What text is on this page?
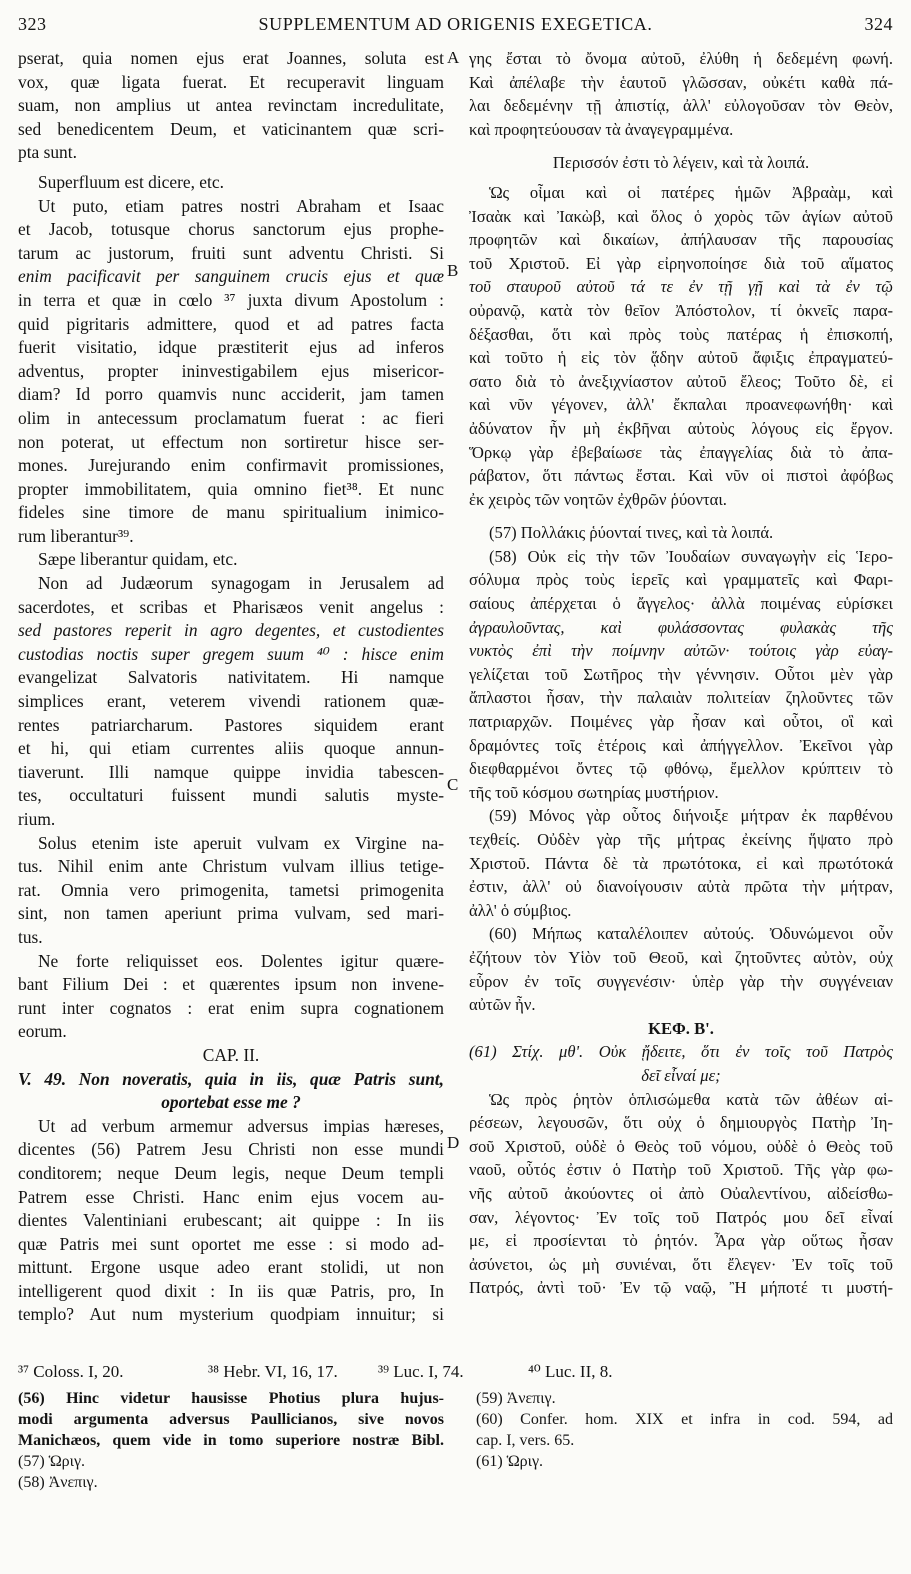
323	SUPPLEMENTUM AD ORIGENIS EXEGETICA.	324
A
B
C
D
pserat, quia nomen ejus erat Joannes, soluta est
vox, quæ ligata fuerat. Et recuperavit linguam
suam, non amplius ut antea revinctam incredulitate,
sed benedicentem Deum, et vaticinantem quæ scri-
pta sunt.
Superfluum est dicere, etc.
Ut puto, etiam patres nostri Abraham et Isaac
et Jacob, totusque chorus sanctorum ejus prophe-
tarum ac justorum, fruiti sunt adventu Christi. Si
enim pacificavit per sanguinem crucis ejus et quæ
in terra et quæ in cœlo ³⁷ juxta divum Apostolum :
quid pigritaris admittere, quod et ad patres facta
fuerit visitatio, idque præstiterit ejus ad inferos
adventus, propter ininvestigabilem ejus misericor-
diam? Id porro quamvis nunc acciderit, jam tamen
olim in antecessum proclamatum fuerat : ac fieri
non poterat, ut effectum non sortiretur hisce ser-
mones. Jurejurando enim confirmavit promissiones,
propter immobilitatem, quia omnino fiet³⁸. Et nunc
fideles sine timore de manu spiritualium inimico-
rum liberantur³⁹.
Sæpe liberantur quidam, etc.
Non ad Judæorum synagogam in Jerusalem ad
sacerdotes, et scribas et Pharisæos venit angelus :
sed pastores reperit in agro degentes, et custodientes
custodias noctis super gregem suum ⁴⁰ : hisce enim
evangelizat Salvatoris nativitatem. Hi namque
simplices erant, veterem vivendi rationem quæ-
rentes patriarcharum. Pastores siquidem erant
et hi, qui etiam currentes aliis quoque annun-
tiaverunt. Illi namque quippe invidia tabescen-
tes, occultaturi fuissent mundi salutis myste-
rium.
Solus etenim iste aperuit vulvam ex Virgine na-
tus. Nihil enim ante Christum vulvam illius tetige-
rat. Omnia vero primogenita, tametsi primogenita
sint, non tamen aperiunt prima vulvam, sed mari-
tus.
Ne forte reliquisset eos. Dolentes igitur quære-
bant Filium Dei : et quærentes ipsum non invene-
runt inter cognatos : erat enim supra cognationem
eorum.
CAP. II.
V. 49. Non noveratis, quia in iis, quæ Patris sunt,
oportebat esse me ?
Ut ad verbum armemur adversus impias hæreses,
dicentes (56) Patrem Jesu Christi non esse mundi
conditorem; neque Deum legis, neque Deum templi
Patrem esse Christi. Hanc enim ejus vocem au-
dientes Valentiniani erubescant; ait quippe : In iis
quæ Patris mei sunt oportet me esse : si modo ad-
mittunt. Ergone usque adeo erant stolidi, ut non
intelligerent quod dixit : In iis quæ Patris, pro, In
templo? Aut num mysterium quodpiam innuitur; si
γης ἔσται τὸ ὄνομα αὐτοῦ, ἐλύθη ἡ δεδεμένη φωνή.
Καὶ ἀπέλαβε τὴν ἑαυτοῦ γλῶσσαν, οὐκέτι καθὰ πά-
λαι δεδεμένην τῇ ἀπιστίᾳ, ἀλλ' εὐλογοῦσαν τὸν Θεὸν,
καὶ προφητεύουσαν τὰ ἀναγεγραμμένα.
Περισσόν ἐστι τὸ λέγειν, καὶ τὰ λοιπά.
Ὡς οἶμαι καὶ οἱ πατέρες ἡμῶν Ἀβραὰμ, καὶ
Ἰσαὰκ καὶ Ἰακὼβ, καὶ ὅλος ὁ χορὸς τῶν ἁγίων αὐτοῦ
προφητῶν καὶ δικαίων, ἀπήλαυσαν τῆς παρουσίας
τοῦ Χριστοῦ. Εἰ γὰρ εἰρηνοποίησε διὰ τοῦ αἵματος
τοῦ σταυροῦ αὐτοῦ τά τε ἐν τῇ γῇ καὶ τὰ ἐν τῷ
οὐρανῷ, κατὰ τὸν θεῖον Ἀπόστολον, τί ὀκνεῖς παρα-
δέξασθαι, ὅτι καὶ πρὸς τοὺς πατέρας ἡ ἐπισκοπή,
καὶ τοῦτο ἡ εἰς τὸν ᾅδην αὐτοῦ ἄφιξις ἐπραγματεύ-
σατο διὰ τὸ ἀνεξιχνίαστον αὐτοῦ ἔλεος; Τοῦτο δὲ, εἰ
καὶ νῦν γέγονεν, ἀλλ' ἔκπαλαι προανεφωνήθη· καὶ
ἀδύνατον ἦν μὴ ἐκβῆναι αὐτοὺς λόγους εἰς ἔργον.
Ὅρκῳ γὰρ ἐβεβαίωσε τὰς ἐπαγγελίας διὰ τὸ ἀπα-
ράβατον, ὅτι πάντως ἔσται. Καὶ νῦν οἱ πιστοὶ ἀφόβως
ἐκ χειρὸς τῶν νοητῶν ἐχθρῶν ῥύονται.
(57) Πολλάκις ῥύονταί τινες, καὶ τὰ λοιπά.
(58) Οὐκ εἰς τὴν τῶν Ἰουδαίων συναγωγὴν εἰς Ἱερο-
σόλυμα πρὸς τοὺς ἱερεῖς καὶ γραμματεῖς καὶ Φαρι-
σαίους ἀπέρχεται ὁ ἄγγελος· ἀλλὰ ποιμένας εὑρίσκει
ἀγραυλοῦντας, καὶ φυλάσσοντας φυλακὰς τῆς
νυκτὸς ἐπὶ τὴν ποίμνην αὐτῶν· τούτοις γὰρ εὐαγ-
γελίζεται τοῦ Σωτῆρος τὴν γέννησιν. Οὗτοι μὲν γὰρ
ἄπλαστοι ἦσαν, τὴν παλαιὰν πολιτείαν ζηλοῦντες τῶν
πατριαρχῶν. Ποιμένες γὰρ ἦσαν καὶ οὗτοι, οἳ καὶ
δραμόντες τοῖς ἑτέροις καὶ ἀπήγγελλον. Ἐκεῖνοι γὰρ
διεφθαρμένοι ὄντες τῷ φθόνῳ, ἔμελλον κρύπτειν τὸ
τῆς τοῦ κόσμου σωτηρίας μυστήριον.
(59) Μόνος γὰρ οὗτος διήνοιξε μήτραν ἐκ παρθένου
τεχθείς. Οὐδὲν γὰρ τῆς μήτρας ἐκείνης ἥψατο πρὸ
Χριστοῦ. Πάντα δὲ τὰ πρωτότοκα, εἰ καὶ πρωτότοκά
ἐστιν, ἀλλ' οὐ διανοίγουσιν αὐτὰ πρῶτα τὴν μήτραν,
ἀλλ' ὁ σύμβιος.
(60) Μήπως καταλέλοιπεν αὐτούς. Ὀδυνώμενοι οὖν
ἐζήτουν τὸν Υἱὸν τοῦ Θεοῦ, καὶ ζητοῦντες αὐτὸν, οὐχ
εὗρον ἐν τοῖς συγγενέσιν· ὑπὲρ γὰρ τὴν συγγένειαν
αὐτῶν ἦν.
ΚΕΦ. Β'.
(61) Στίχ. μθ'. Οὐκ ᾔδειτε, ὅτι ἐν τοῖς τοῦ Πατρὸς
δεῖ εἶναί με;
Ὡς πρὸς ῥητὸν ὁπλισώμεθα κατὰ τῶν ἀθέων αἱ-
ρέσεων, λεγουσῶν, ὅτι οὐχ ὁ δημιουργὸς Πατὴρ Ἰη-
σοῦ Χριστοῦ, οὐδὲ ὁ Θεὸς τοῦ νόμου, οὐδὲ ὁ Θεὸς τοῦ
ναοῦ, οὗτός ἐστιν ὁ Πατὴρ τοῦ Χριστοῦ. Τῆς γὰρ φω-
νῆς αὐτοῦ ἀκούοντες οἱ ἀπὸ Οὐαλεντίνου, αἰδείσθω-
σαν, λέγοντος· Ἐν τοῖς τοῦ Πατρός μου δεῖ εἶναί
με, εἰ προσίενται τὸ ῥητόν. Ἆρα γὰρ οὕτως ἦσαν
ἀσύνετοι, ὡς μὴ συνιέναι, ὅτι ἔλεγεν· Ἐν τοῖς τοῦ
Πατρός, ἀντὶ τοῦ· Ἐν τῷ ναῷ, Ἢ μήποτέ τι μυστή-
³⁷ Coloss. I, 20.	³⁸ Hebr. VI, 16, 17. ³⁹ Luc. I, 74.	⁴⁰ Luc. II, 8.
(56) Hinc videtur hausisse Photius plura hujus-
modi argumenta adversus Paullicianos, sive novos
Manichæos, quem vide in tomo superiore nostræ Bibl.
(57) Ὡριγ.
(58) Ἀνεπιγ.
(59) Ἀνεπιγ.
(60) Confer. hom. XIX et infra in cod. 594, ad
cap. I, vers. 65.
(61) Ὡριγ.
